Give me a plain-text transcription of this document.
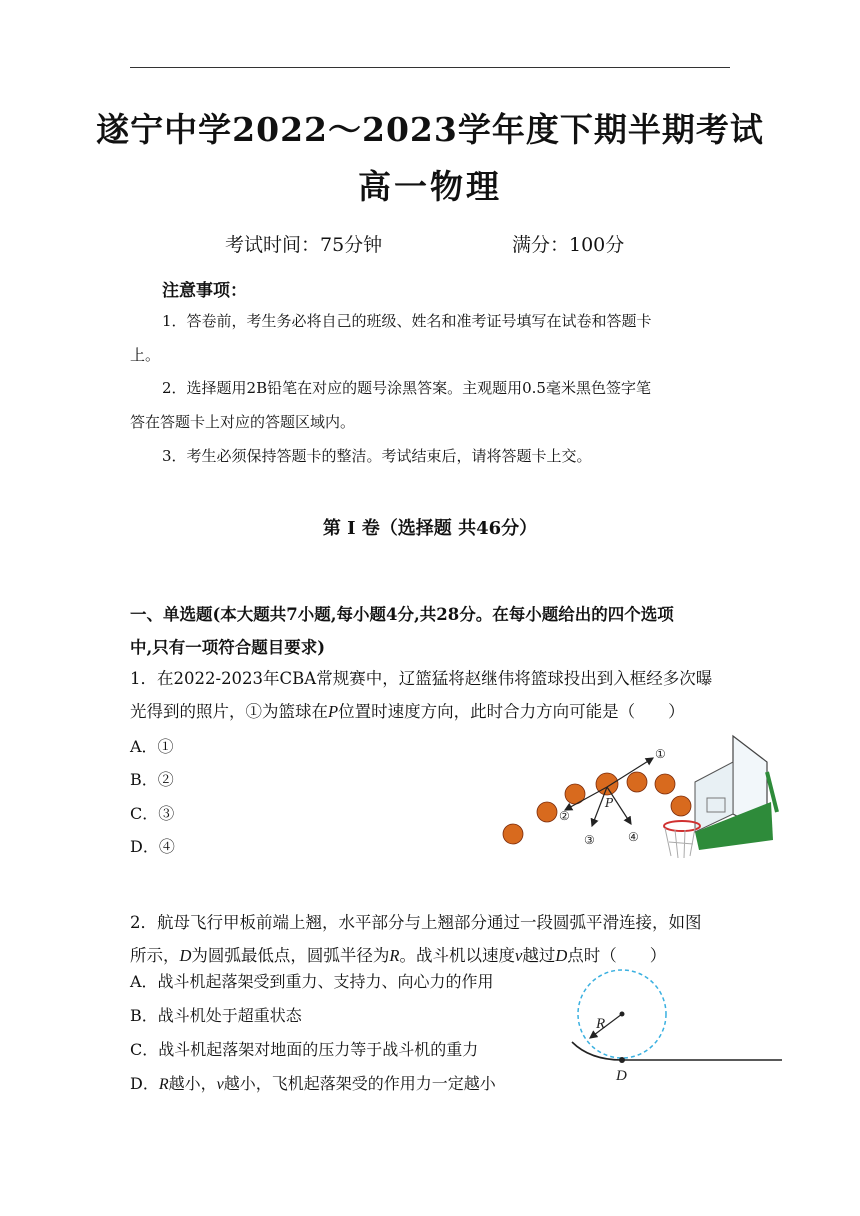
遂宁中学2022～2023学年度下期半期考试
高一物理
考试时间：75分钟	满分：100分
注意事项：
1．答卷前，考生务必将自己的班级、姓名和准考证号填写在试卷和答题卡
上。
2．选择题用2B铅笔在对应的题号涂黑答案。主观题用0.5毫米黑色签字笔
答在答题卡上对应的答题区域内。
3．考生必须保持答题卡的整洁。考试结束后，请将答题卡上交。
第 Ⅰ 卷（选择题 共46分）
一、单选题(本大题共7小题,每小题4分,共28分。在每小题给出的四个选项
中,只有一项符合题目要求)
1．在2022-2023年CBA常规赛中，辽篮猛将赵继伟将篮球投出到入框经多次曝
光得到的照片，①为篮球在P位置时速度方向，此时合力方向可能是（　　）
A．①
B．②
C．③
D．④
①
②
③	④
P
2．航母飞行甲板前端上翘，水平部分与上翘部分通过一段圆弧平滑连接，如图
所示，D为圆弧最低点，圆弧半径为R。战斗机以速度v越过D点时（　　）
A．战斗机起落架受到重力、支持力、向心力的作用
B．战斗机处于超重状态
C．战斗机起落架对地面的压力等于战斗机的重力
D．R越小，v越小，飞机起落架受的作用力一定越小
R
D
